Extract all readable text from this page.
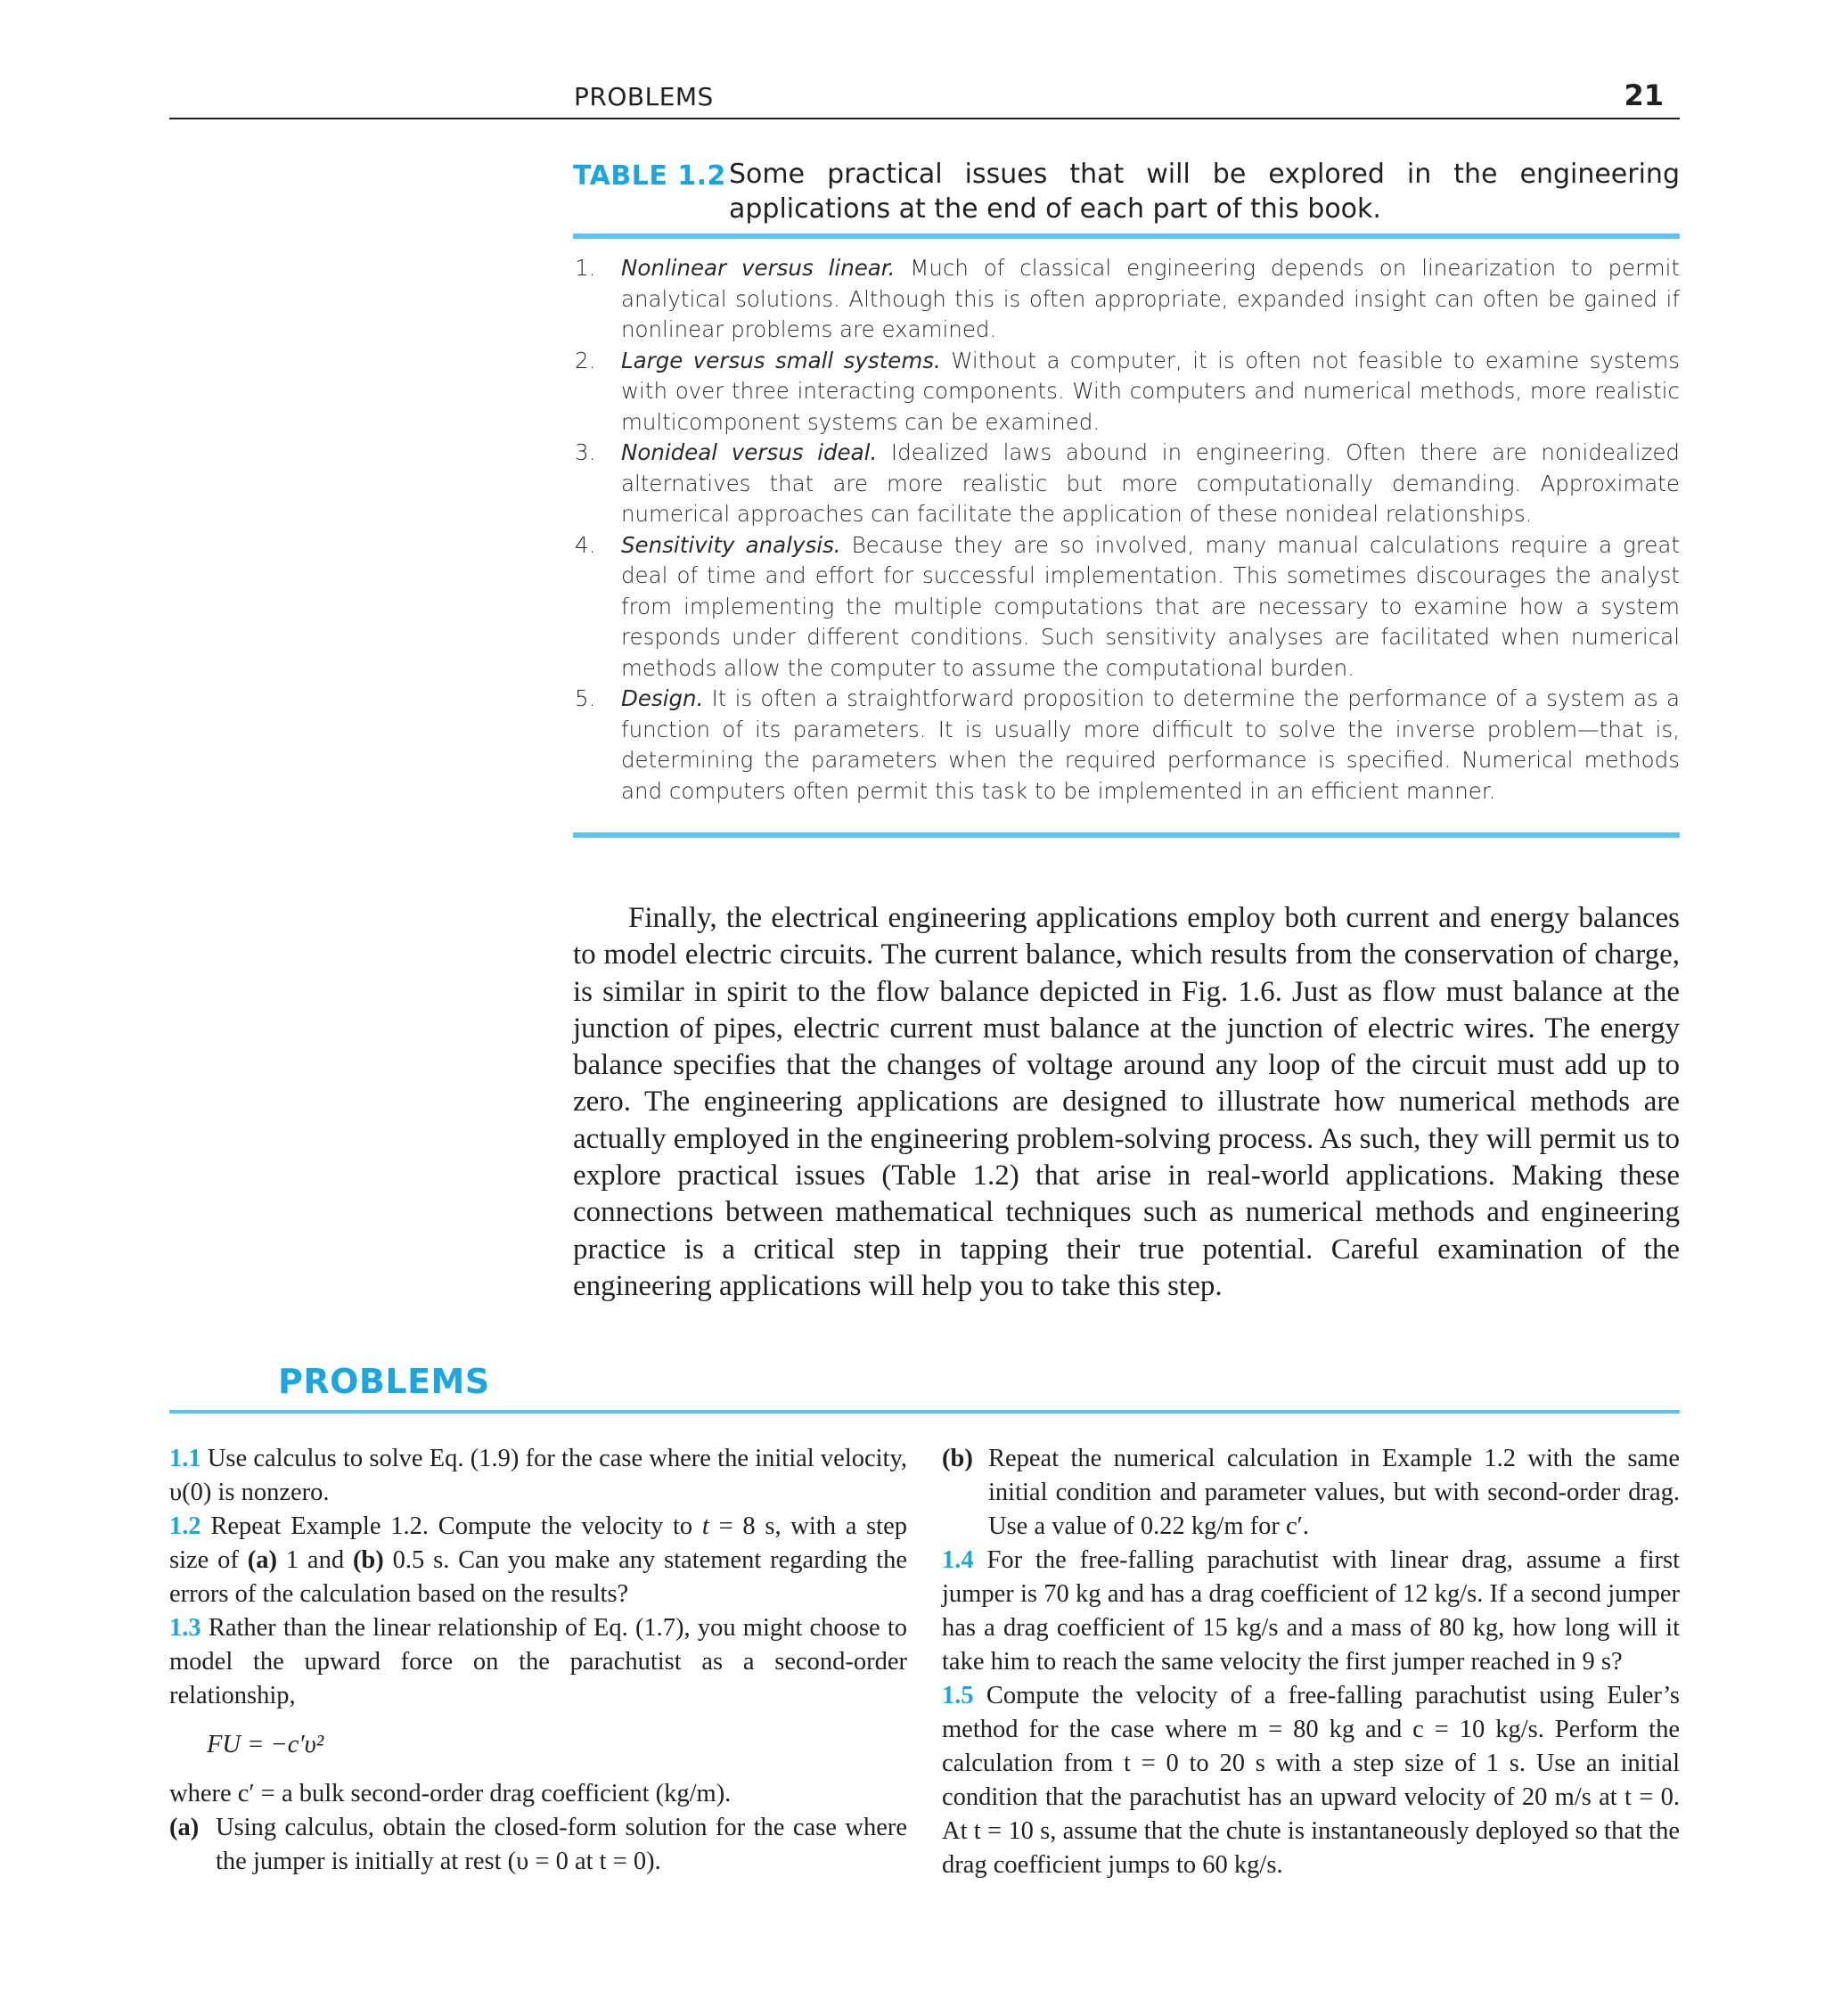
PROBLEMS	21
TABLE 1.2 Some practical issues that will be explored in the engineering applications at the end of each part of this book.
1. Nonlinear versus linear. Much of classical engineering depends on linearization to permit analytical solutions. Although this is often appropriate, expanded insight can often be gained if nonlinear problems are examined.
2. Large versus small systems. Without a computer, it is often not feasible to examine systems with over three interacting components. With computers and numerical methods, more realistic multicomponent systems can be examined.
3. Nonideal versus ideal. Idealized laws abound in engineering. Often there are nonidealized alternatives that are more realistic but more computationally demanding. Approximate numerical approaches can facilitate the application of these nonideal relationships.
4. Sensitivity analysis. Because they are so involved, many manual calculations require a great deal of time and effort for successful implementation. This sometimes discourages the analyst from implementing the multiple computations that are necessary to examine how a system responds under different conditions. Such sensitivity analyses are facilitated when numerical methods allow the computer to assume the computational burden.
5. Design. It is often a straightforward proposition to determine the performance of a system as a function of its parameters. It is usually more difficult to solve the inverse problem—that is, determining the parameters when the required performance is specified. Numerical methods and computers often permit this task to be implemented in an efficient manner.

Finally, the electrical engineering applications employ both current and energy balances to model electric circuits. The current balance, which results from the conservation of charge, is similar in spirit to the flow balance depicted in Fig. 1.6. Just as flow must balance at the junction of pipes, electric current must balance at the junction of electric wires. The energy balance specifies that the changes of voltage around any loop of the circuit must add up to zero. The engineering applications are designed to illustrate how numerical methods are actually employed in the engineering problem-solving process. As such, they will permit us to explore practical issues (Table 1.2) that arise in real-world applications. Making these connections between mathematical techniques such as numerical methods and engineering practice is a critical step in tapping their true potential. Careful examination of the engineering applications will help you to take this step.

PROBLEMS

1.1 Use calculus to solve Eq. (1.9) for the case where the initial velocity, υ(0) is nonzero.

1.2 Repeat Example 1.2. Compute the velocity to t = 8 s, with a step size of (a) 1 and (b) 0.5 s. Can you make any statement regarding the errors of the calculation based on the results?

1.3 Rather than the linear relationship of Eq. (1.7), you might choose to model the upward force on the parachutist as a second-order relationship,

FU = −c′υ²

where c′ = a bulk second-order drag coefficient (kg/m).

(a) Using calculus, obtain the closed-form solution for the case where the jumper is initially at rest (υ = 0 at t = 0).

(b) Repeat the numerical calculation in Example 1.2 with the same initial condition and parameter values, but with second-order drag. Use a value of 0.22 kg/m for c′.

1.4 For the free-falling parachutist with linear drag, assume a first jumper is 70 kg and has a drag coefficient of 12 kg/s. If a second jumper has a drag coefficient of 15 kg/s and a mass of 80 kg, how long will it take him to reach the same velocity the first jumper reached in 9 s?

1.5 Compute the velocity of a free-falling parachutist using Euler’s method for the case where m = 80 kg and c = 10 kg/s. Perform the calculation from t = 0 to 20 s with a step size of 1 s. Use an initial condition that the parachutist has an upward velocity of 20 m/s at t = 0. At t = 10 s, assume that the chute is instantaneously deployed so that the drag coefficient jumps to 60 kg/s.
